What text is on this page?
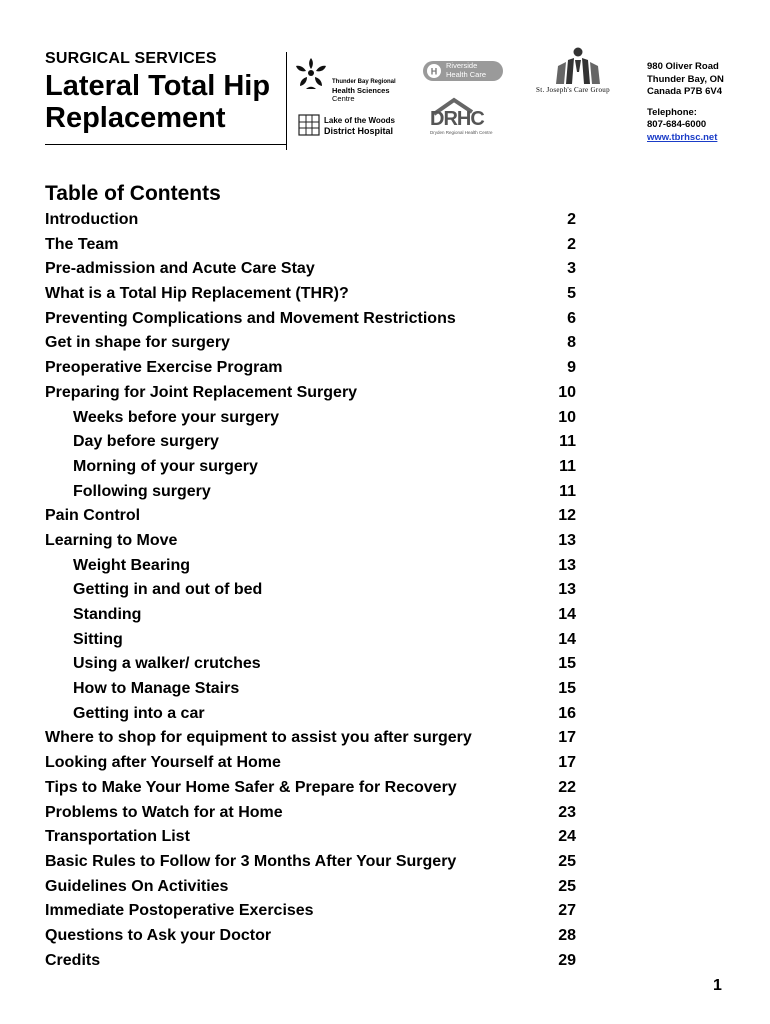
SURGICAL SERVICES
Lateral Total Hip
Replacement
Thunder Bay Regional
Health Sciences
Centre
Lake of the Woods
District Hospital
H
Riverside
Health Care
DRHC
Dryden Regional Health Centre
St. Joseph's Care Group
980 Oliver Road
Thunder Bay, ON
Canada P7B 6V4
Telephone:
807-684-6000
www.tbrhsc.net
Table of Contents
Introduction	2
The Team	2
Pre-admission and Acute Care Stay	3
What is a Total Hip Replacement (THR)?	5
Preventing Complications and Movement Restrictions	6
Get in shape for surgery	8
Preoperative Exercise Program	9
Preparing for Joint Replacement Surgery	10
Weeks before your surgery	10
Day before surgery	11
Morning of your surgery	11
Following surgery	11
Pain Control	12
Learning to Move	13
Weight Bearing	13
Getting in and out of bed	13
Standing	14
Sitting	14
Using a walker/ crutches	15
How to Manage Stairs	15
Getting into a car	16
Where to shop for equipment to assist you after surgery	17
Looking after Yourself at Home	17
Tips to Make Your Home Safer & Prepare for Recovery	22
Problems to Watch for at Home	23
Transportation List	24
Basic Rules to Follow for 3 Months After Your Surgery	25
Guidelines On Activities	25
Immediate Postoperative Exercises	27
Questions to Ask your Doctor	28
Credits	29
1
